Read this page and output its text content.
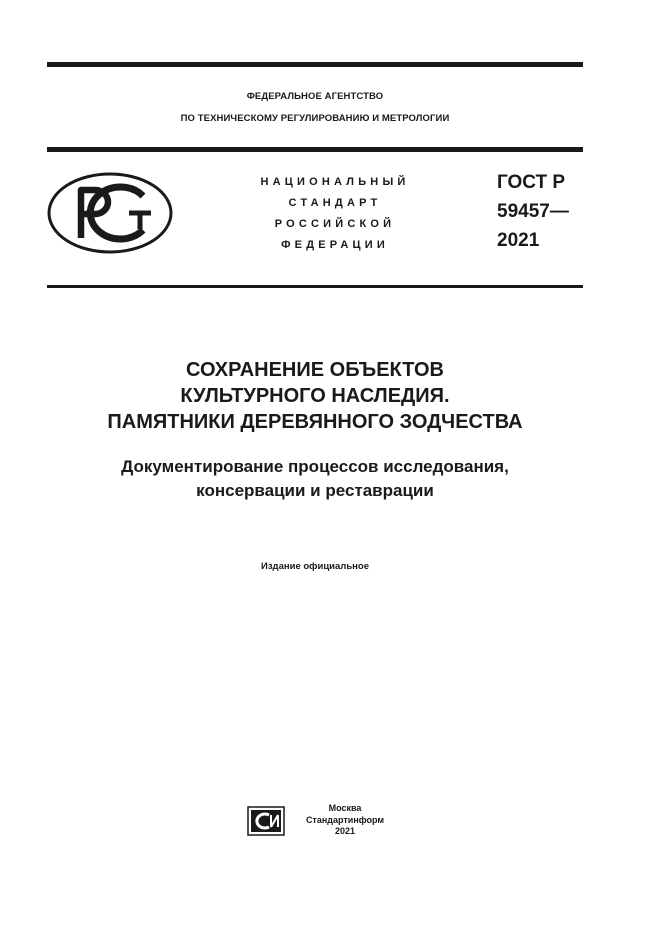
ФЕДЕРАЛЬНОЕ АГЕНТСТВО
ПО ТЕХНИЧЕСКОМУ РЕГУЛИРОВАНИЮ И МЕТРОЛОГИИ
НАЦИОНАЛЬНЫЙ
СТАНДАРТ
РОССИЙСКОЙ
ФЕДЕРАЦИИ
ГОСТ Р
59457—
2021
СОХРАНЕНИЕ ОБЪЕКТОВ
КУЛЬТУРНОГО НАСЛЕДИЯ.
ПАМЯТНИКИ ДЕРЕВЯННОГО ЗОДЧЕСТВА
Документирование процессов исследования,
консервации и реставрации
Издание официальное
Москва
Стандартинформ
2021
